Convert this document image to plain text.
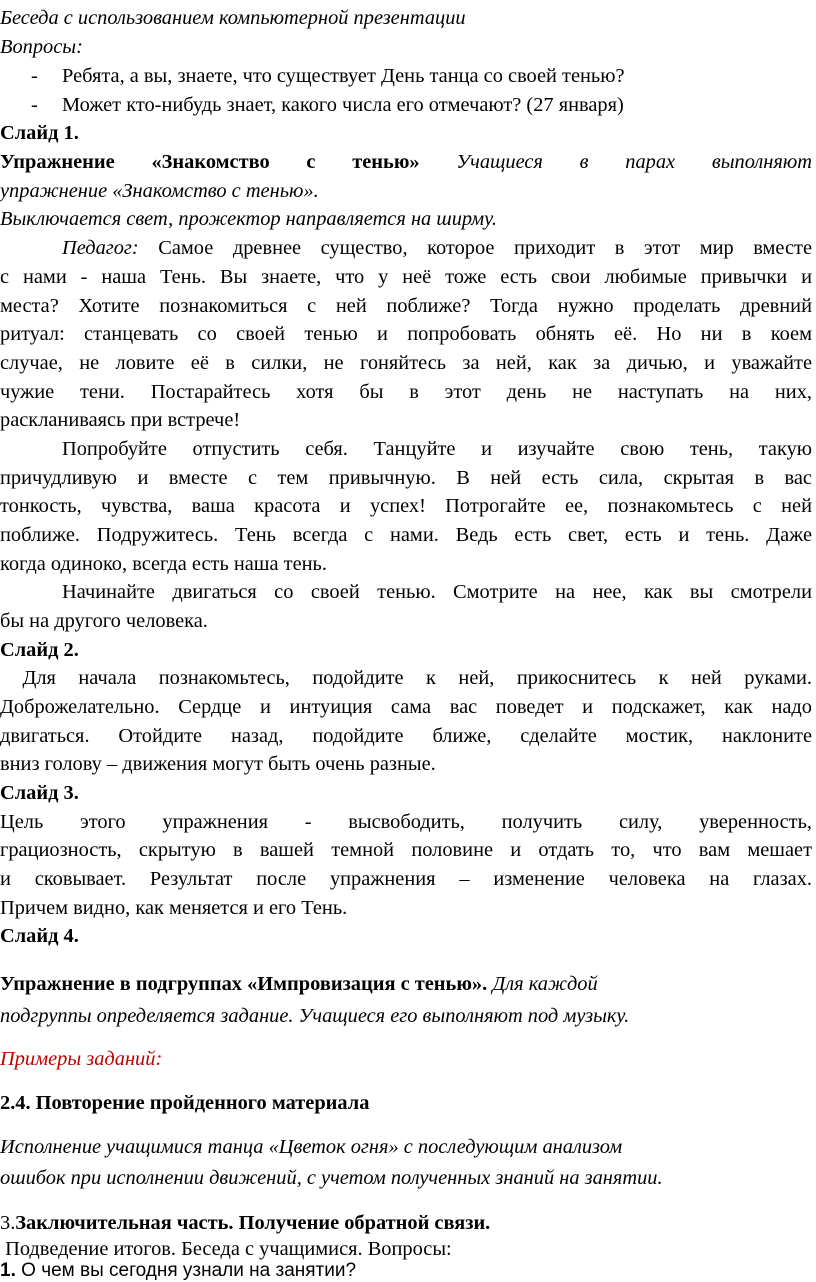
Беседа с использованием компьютерной презентации
Вопросы:
- Ребята, а вы, знаете, что существует День танца со своей тенью?
- Может кто-нибудь знает, какого числа его отмечают? (27 января)
Слайд 1.
Упражнение «Знакомство с тенью» Учащиеся в парах выполняют
упражнение «Знакомство с тенью».
Выключается свет, прожектор направляется на ширму.
Педагог: Самое древнее существо, которое приходит в этот мир вместе
с нами - наша Тень. Вы знаете, что у неё тоже есть свои любимые привычки и
места? Хотите познакомиться с ней поближе? Тогда нужно проделать древний
ритуал: станцевать со своей тенью и попробовать обнять её. Но ни в коем
случае, не ловите её в силки, не гоняйтесь за ней, как за дичью, и уважайте
чужие тени. Постарайтесь хотя бы в этот день не наступать на них,
раскланиваясь при встрече!
Попробуйте отпустить себя. Танцуйте и изучайте свою тень, такую
причудливую и вместе с тем привычную. В ней есть сила, скрытая в вас
тонкость, чувства, ваша красота и успех! Потрогайте ее, познакомьтесь с ней
поближе. Подружитесь. Тень всегда с нами. Ведь есть свет, есть и тень. Даже
когда одиноко, всегда есть наша тень.
Начинайте двигаться со своей тенью. Смотрите на нее, как вы смотрели
бы на другого человека.
Слайд 2.
Для начала познакомьтесь, подойдите к ней, прикоснитесь к ней руками.
Доброжелательно. Сердце и интуиция сама вас поведет и подскажет, как надо
двигаться. Отойдите назад, подойдите ближе, сделайте мостик, наклоните
вниз голову – движения могут быть очень разные.
Слайд 3.
Цель этого упражнения - высвободить, получить силу, уверенность,
грациозность, скрытую в вашей темной половине и отдать то, что вам мешает
и сковывает. Результат после упражнения – изменение человека на глазах.
Причем видно, как меняется и его Тень.
Слайд 4.
Упражнение в подгруппах «Импровизация с тенью». Для каждой
подгруппы определяется задание. Учащиеся его выполняют под музыку.
Примеры заданий:
2.4. Повторение пройденного материала
Исполнение учащимися танца «Цветок огня» с последующим анализом
ошибок при исполнении движений, с учетом полученных знаний на занятии.
3.Заключительная часть. Получение обратной связи.
Подведение итогов. Беседа с учащимися. Вопросы:
1. О чем вы сегодня узнали на занятии?
